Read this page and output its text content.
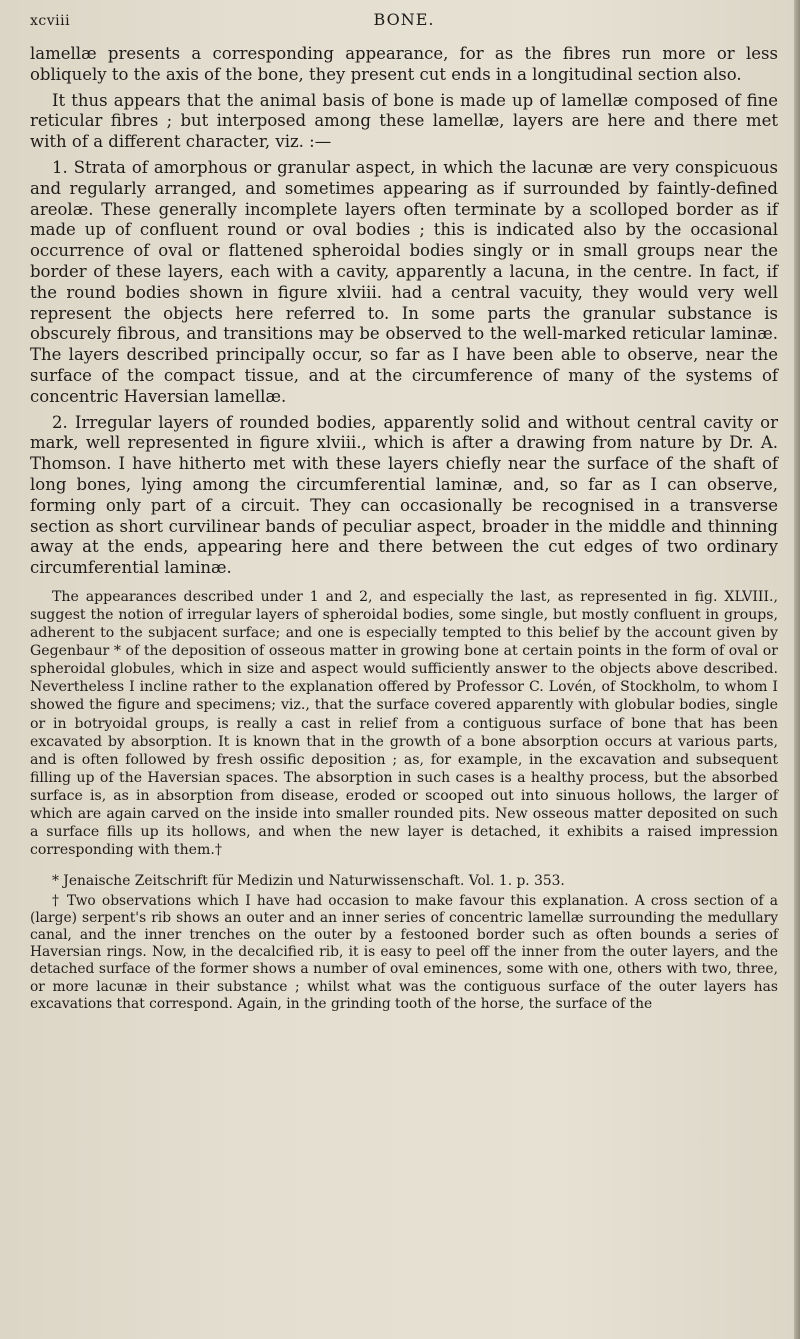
xcviii	BONE.

lamellæ presents a corresponding appearance, for as the fibres run more or less obliquely to the axis of the bone, they present cut ends in a longitudinal section also.

It thus appears that the animal basis of bone is made up of lamellæ composed of fine reticular fibres ; but interposed among these lamellæ, layers are here and there met with of a different character, viz. :—

1. Strata of amorphous or granular aspect, in which the lacunæ are very conspicuous and regularly arranged, and sometimes appearing as if surrounded by faintly-defined areolæ. These generally incomplete layers often terminate by a scolloped border as if made up of confluent round or oval bodies ; this is indicated also by the occasional occurrence of oval or flattened spheroidal bodies singly or in small groups near the border of these layers, each with a cavity, apparently a lacuna, in the centre. In fact, if the round bodies shown in figure xlviii. had a central vacuity, they would very well represent the objects here referred to. In some parts the granular substance is obscurely fibrous, and transitions may be observed to the well-marked reticular laminæ. The layers described principally occur, so far as I have been able to observe, near the surface of the compact tissue, and at the circumference of many of the systems of concentric Haversian lamellæ.

2. Irregular layers of rounded bodies, apparently solid and without central cavity or mark, well represented in figure xlviii., which is after a drawing from nature by Dr. A. Thomson. I have hitherto met with these layers chiefly near the surface of the shaft of long bones, lying among the circumferential laminæ, and, so far as I can observe, forming only part of a circuit. They can occasionally be recognised in a transverse section as short curvilinear bands of peculiar aspect, broader in the middle and thinning away at the ends, appearing here and there between the cut edges of two ordinary circumferential laminæ.

The appearances described under 1 and 2, and especially the last, as represented in fig. XLVIII., suggest the notion of irregular layers of spheroidal bodies, some single, but mostly confluent in groups, adherent to the subjacent surface; and one is especially tempted to this belief by the account given by Gegenbaur * of the deposition of osseous matter in growing bone at certain points in the form of oval or spheroidal globules, which in size and aspect would sufficiently answer to the objects above described. Nevertheless I incline rather to the explanation offered by Professor C. Lovén, of Stockholm, to whom I showed the figure and specimens; viz., that the surface covered apparently with globular bodies, single or in botryoidal groups, is really a cast in relief from a contiguous surface of bone that has been excavated by absorption. It is known that in the growth of a bone absorption occurs at various parts, and is often followed by fresh ossific deposition ; as, for example, in the excavation and subsequent filling up of the Haversian spaces. The absorption in such cases is a healthy process, but the absorbed surface is, as in absorption from disease, eroded or scooped out into sinuous hollows, the larger of which are again carved on the inside into smaller rounded pits. New osseous matter deposited on such a surface fills up its hollows, and when the new layer is detached, it exhibits a raised impression corresponding with them.†

* Jenaische Zeitschrift für Medizin und Naturwissenschaft. Vol. 1. p. 353.

† Two observations which I have had occasion to make favour this explanation. A cross section of a (large) serpent's rib shows an outer and an inner series of concentric lamellæ surrounding the medullary canal, and the inner trenches on the outer by a festooned border such as often bounds a series of Haversian rings. Now, in the decalcified rib, it is easy to peel off the inner from the outer layers, and the detached surface of the former shows a number of oval eminences, some with one, others with two, three, or more lacunæ in their substance ; whilst what was the contiguous surface of the outer layers has excavations that correspond. Again, in the grinding tooth of the horse, the surface of the
